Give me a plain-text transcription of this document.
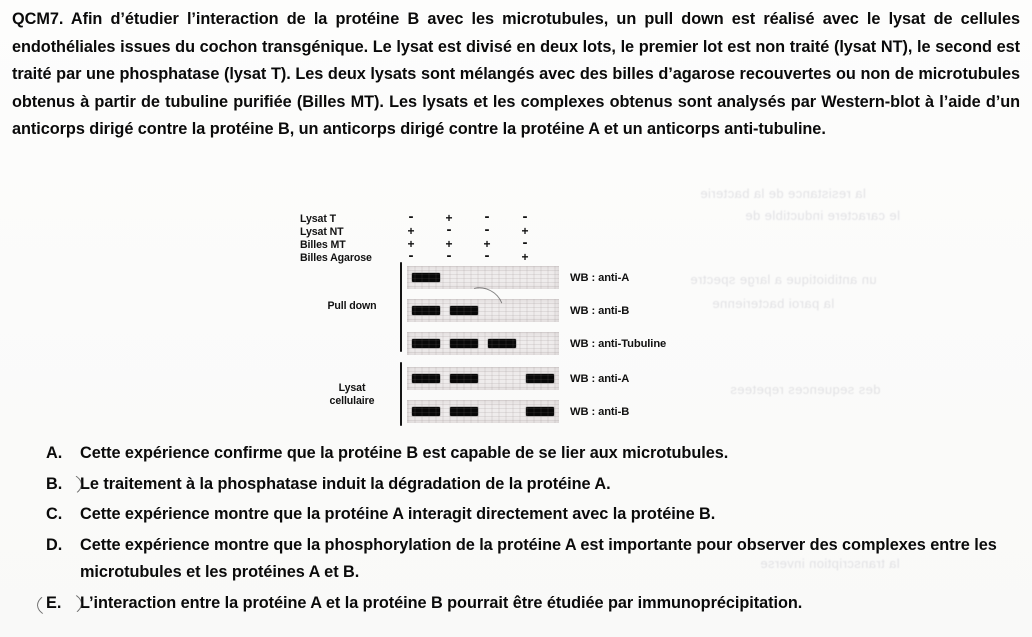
la resistance de la bacterie
le caractere inductible de
un antibiotique a large spectre
la paroi bacterienne
des sequences repetees
la transcription inverse

QCM7. Afin d’étudier l’interaction de la protéine B avec les microtubules, un pull down est réalisé avec le lysat de cellules endothéliales issues du cochon transgénique. Le lysat est divisé en deux lots, le premier lot est non traité (lysat NT), le second est traité par une phosphatase (lysat T). Les deux lysats sont mélangés avec des billes d’agarose recouvertes ou non de microtubules obtenus à partir de tubuline purifiée (Billes MT). Les lysats et les complexes obtenus sont analysés par Western-blot à l’aide d’un anticorps dirigé contre la protéine B, un anticorps dirigé contre la protéine A et un anticorps anti-tubuline.

Lysat T	-	+	-	-
Lysat NT	+	-	-	+
Billes MT	+	+	+	-
Billes Agarose	-	-	-	+
Pull down
Lysat
cellulaire
WB : anti-A
WB : anti-B
WB : anti-Tubuline
WB : anti-A
WB : anti-B
A.	Cette expérience confirme que la protéine B est capable de se lier aux microtubules.
B.	Le traitement à la phosphatase induit la dégradation de la protéine A.
C.	Cette expérience montre que la protéine A interagit directement avec la protéine B.
D.	Cette expérience montre que la phosphorylation de la protéine A est importante pour observer des complexes entre les microtubules et les protéines A et B.
E.	L’interaction entre la protéine A et la protéine B pourrait être étudiée par immunoprécipitation.
